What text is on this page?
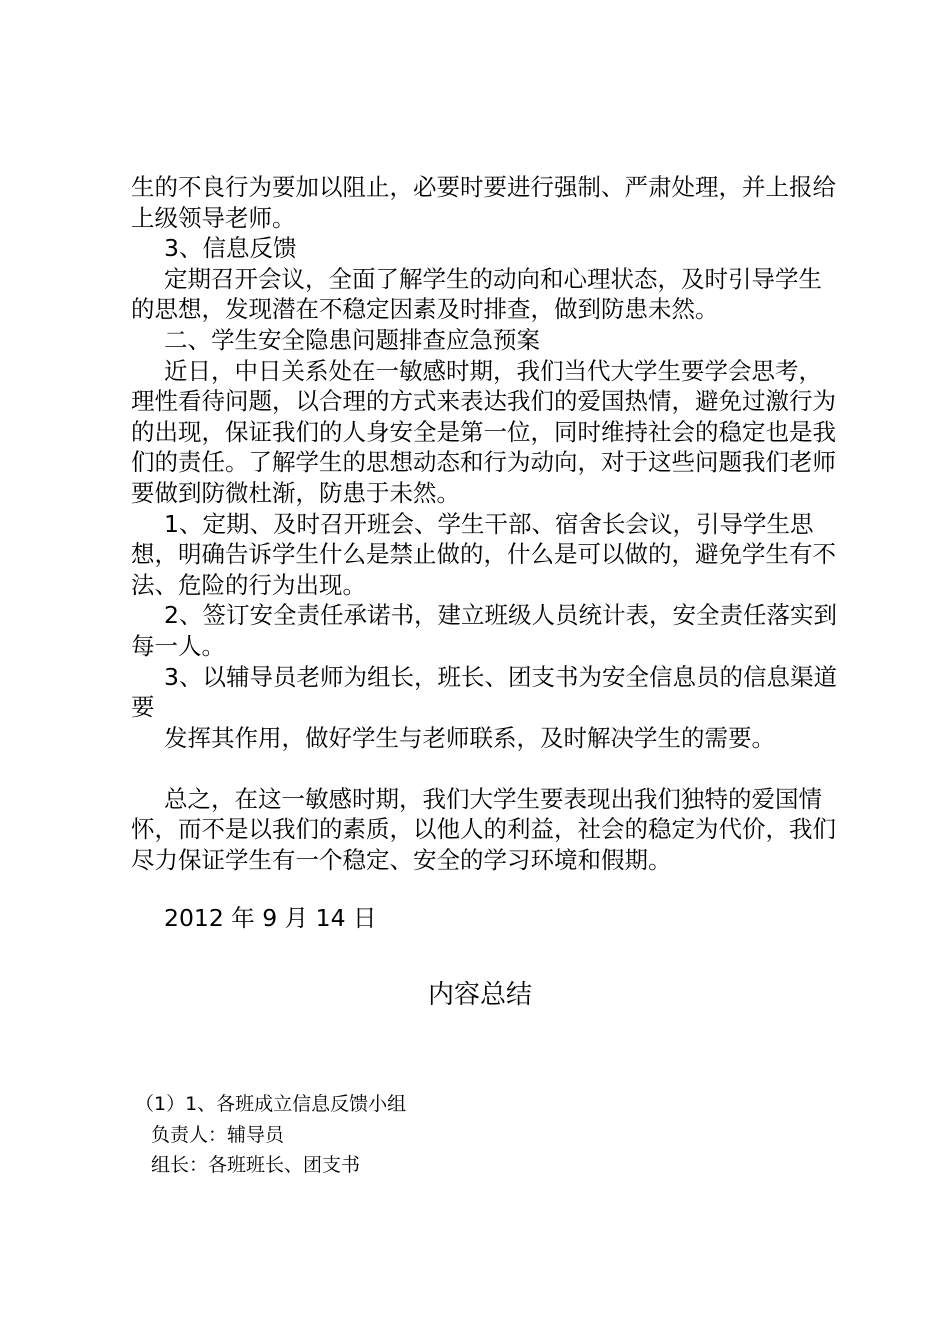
生的不良行为要加以阻止，必要时要进行强制、严肃处理，并上报给上级领导老师。

3、信息反馈

定期召开会议，全面了解学生的动向和心理状态，及时引导学生的思想，发现潜在不稳定因素及时排查，做到防患未然。

二、学生安全隐患问题排查应急预案

近日，中日关系处在一敏感时期，我们当代大学生要学会思考，理性看待问题，以合理的方式来表达我们的爱国热情，避免过激行为的出现，保证我们的人身安全是第一位，同时维持社会的稳定也是我们的责任。了解学生的思想动态和行为动向，对于这些问题我们老师要做到防微杜渐，防患于未然。

1、定期、及时召开班会、学生干部、宿舍长会议，引导学生思想，明确告诉学生什么是禁止做的，什么是可以做的，避免学生有不法、危险的行为出现。

2、签订安全责任承诺书，建立班级人员统计表，安全责任落实到每一人。

3、以辅导员老师为组长，班长、团支书为安全信息员的信息渠道要

发挥其作用，做好学生与老师联系，及时解决学生的需要。

总之，在这一敏感时期，我们大学生要表现出我们独特的爱国情怀，而不是以我们的素质，以他人的利益，社会的稳定为代价，我们尽力保证学生有一个稳定、安全的学习环境和假期。

2012 年 9 月 14 日
内容总结
（1）1、各班成立信息反馈小组
负责人：辅导员
组长：各班班长、团支书
